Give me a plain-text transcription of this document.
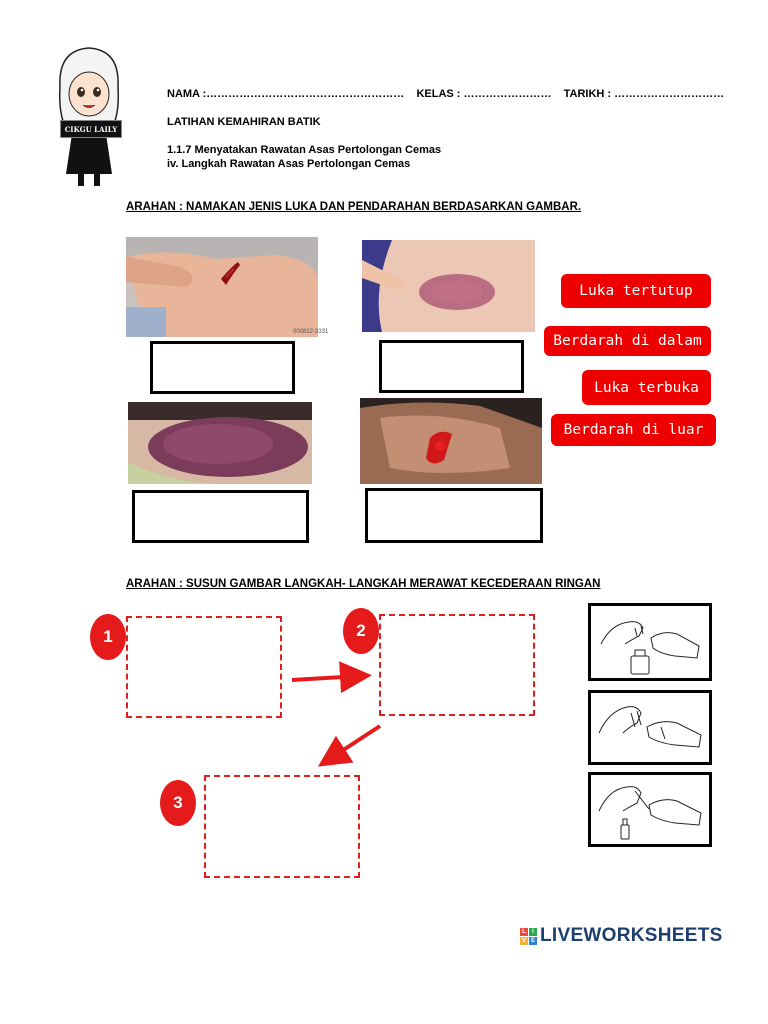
CIKGU LAILY
NAMA :……………………………………………… KELAS : …………………… TARIKH : …………………………
LATIHAN KEMAHIRAN BATIK
1.1.7 Menyatakan Rawatan Asas Pertolongan Cemas
iv. Langkah Rawatan Asas Pertolongan Cemas
ARAHAN : NAMAKAN JENIS LUKA DAN PENDARAHAN BERDASARKAN GAMBAR.
000822-3331
Luka tertutup
Berdarah di dalam
Luka terbuka
Berdarah di luar
ARAHAN : SUSUN GAMBAR LANGKAH- LANGKAH MERAWAT KECEDERAAN RINGAN
1	2
3
L	I
V E LIVEWORKSHEETS
